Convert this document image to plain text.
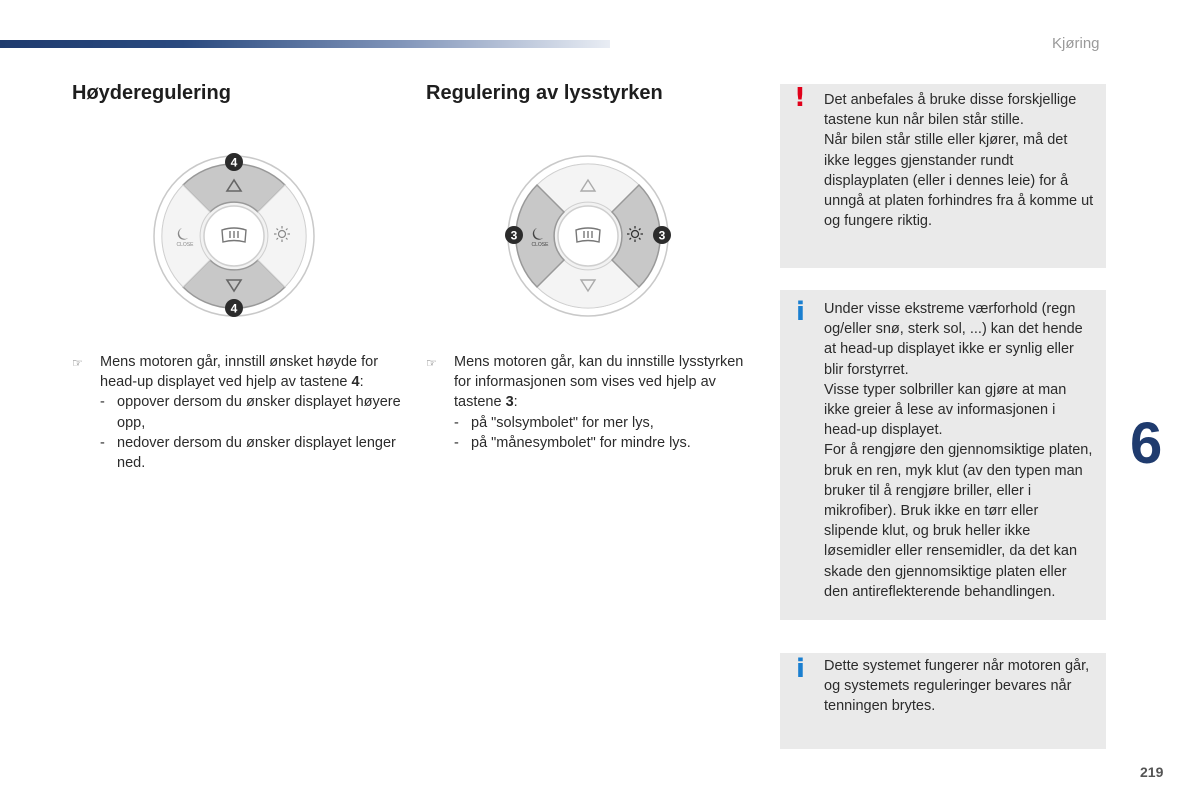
Kjøring
Høyderegulering
CLOSE
4
4
☞ Mens motoren går, innstill ønsket høyde for head-up displayet ved hjelp av tastene 4:
- oppover dersom du ønsker displayet høyere opp,
- nedover dersom du ønsker displayet lenger ned.
Regulering av lysstyrken
CLOSE
3	3
☞ Mens motoren går, kan du innstille lysstyrken for informasjonen som vises ved hjelp av tastene 3:
- på "solsymbolet" for mer lys,
- på "månesymbolet" for mindre lys.
! Det anbefales å bruke disse forskjellige tastene kun når bilen står stille.

Når bilen står stille eller kjører, må det ikke legges gjenstander rundt displayplaten (eller i dennes leie) for å unngå at platen forhindres fra å komme ut og fungere riktig.

i Under visse ekstreme værforhold (regn og/eller snø, sterk sol, ...) kan det hende at head-up displayet ikke er synlig eller blir forstyrret.

Visse typer solbriller kan gjøre at man ikke greier å lese av informasjonen i head-up displayet.

For å rengjøre den gjennomsiktige platen, bruk en ren, myk klut (av den typen man bruker til å rengjøre briller, eller i mikrofiber). Bruk ikke en tørr eller slipende klut, og bruk heller ikke løsemidler eller rensemidler, da det kan skade den gjennomsiktige platen eller den antireflekterende behandlingen.

i Dette systemet fungerer når motoren går, og systemets reguleringer bevares når tenningen brytes.

6
219
